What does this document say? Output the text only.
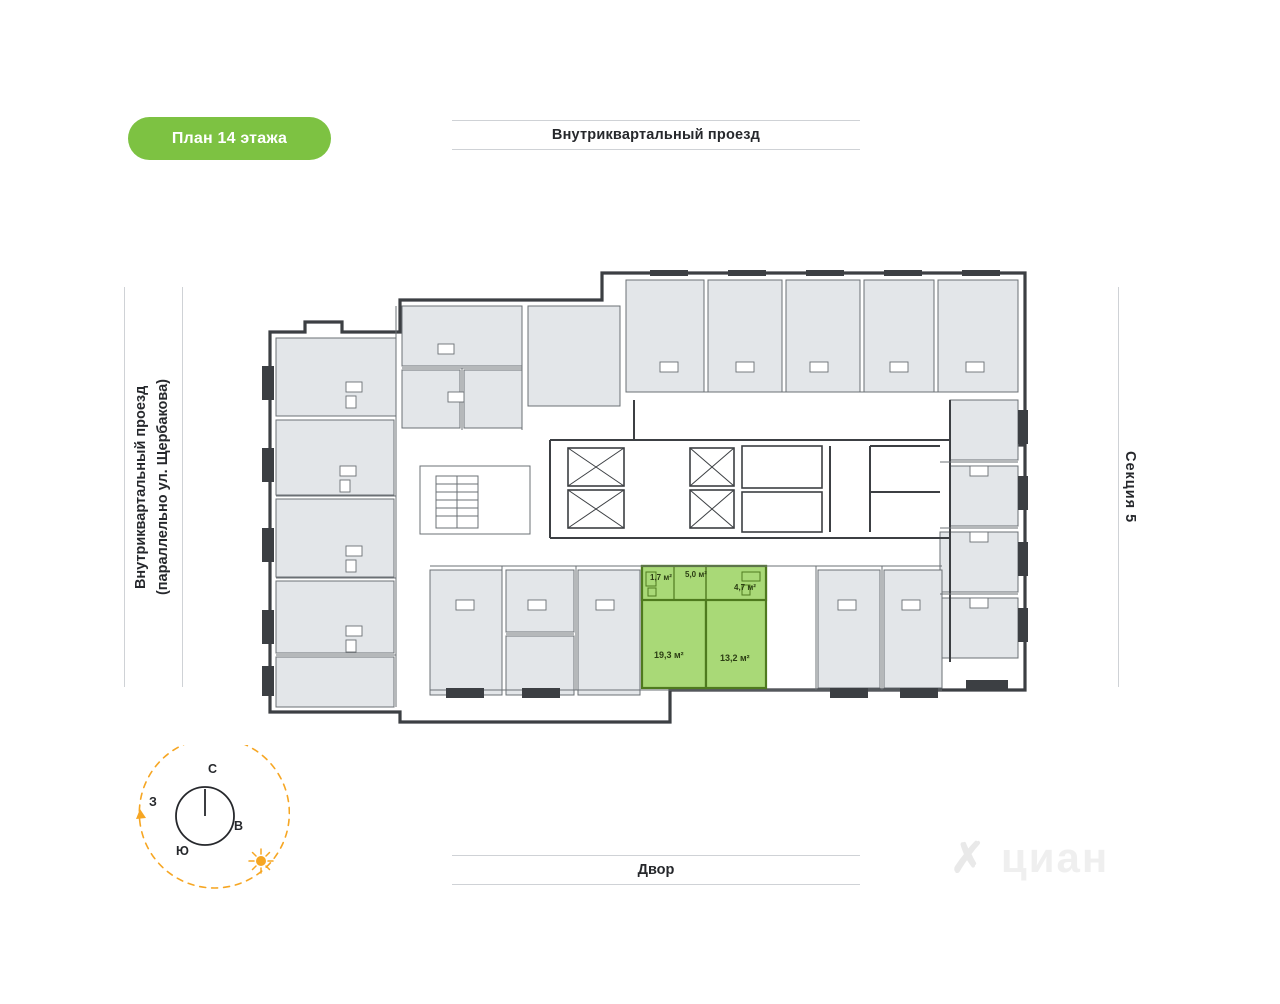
План 14 этажа	Внутриквартальный проезд
Двор
Внутриквартальный проезд (параллельно ул. Щербакова)	Секция 5
С
З
В
Ю
1,7 м² 5,0 м²
4,7 м²
19,3 м²	13,2 м²
✗ циан
